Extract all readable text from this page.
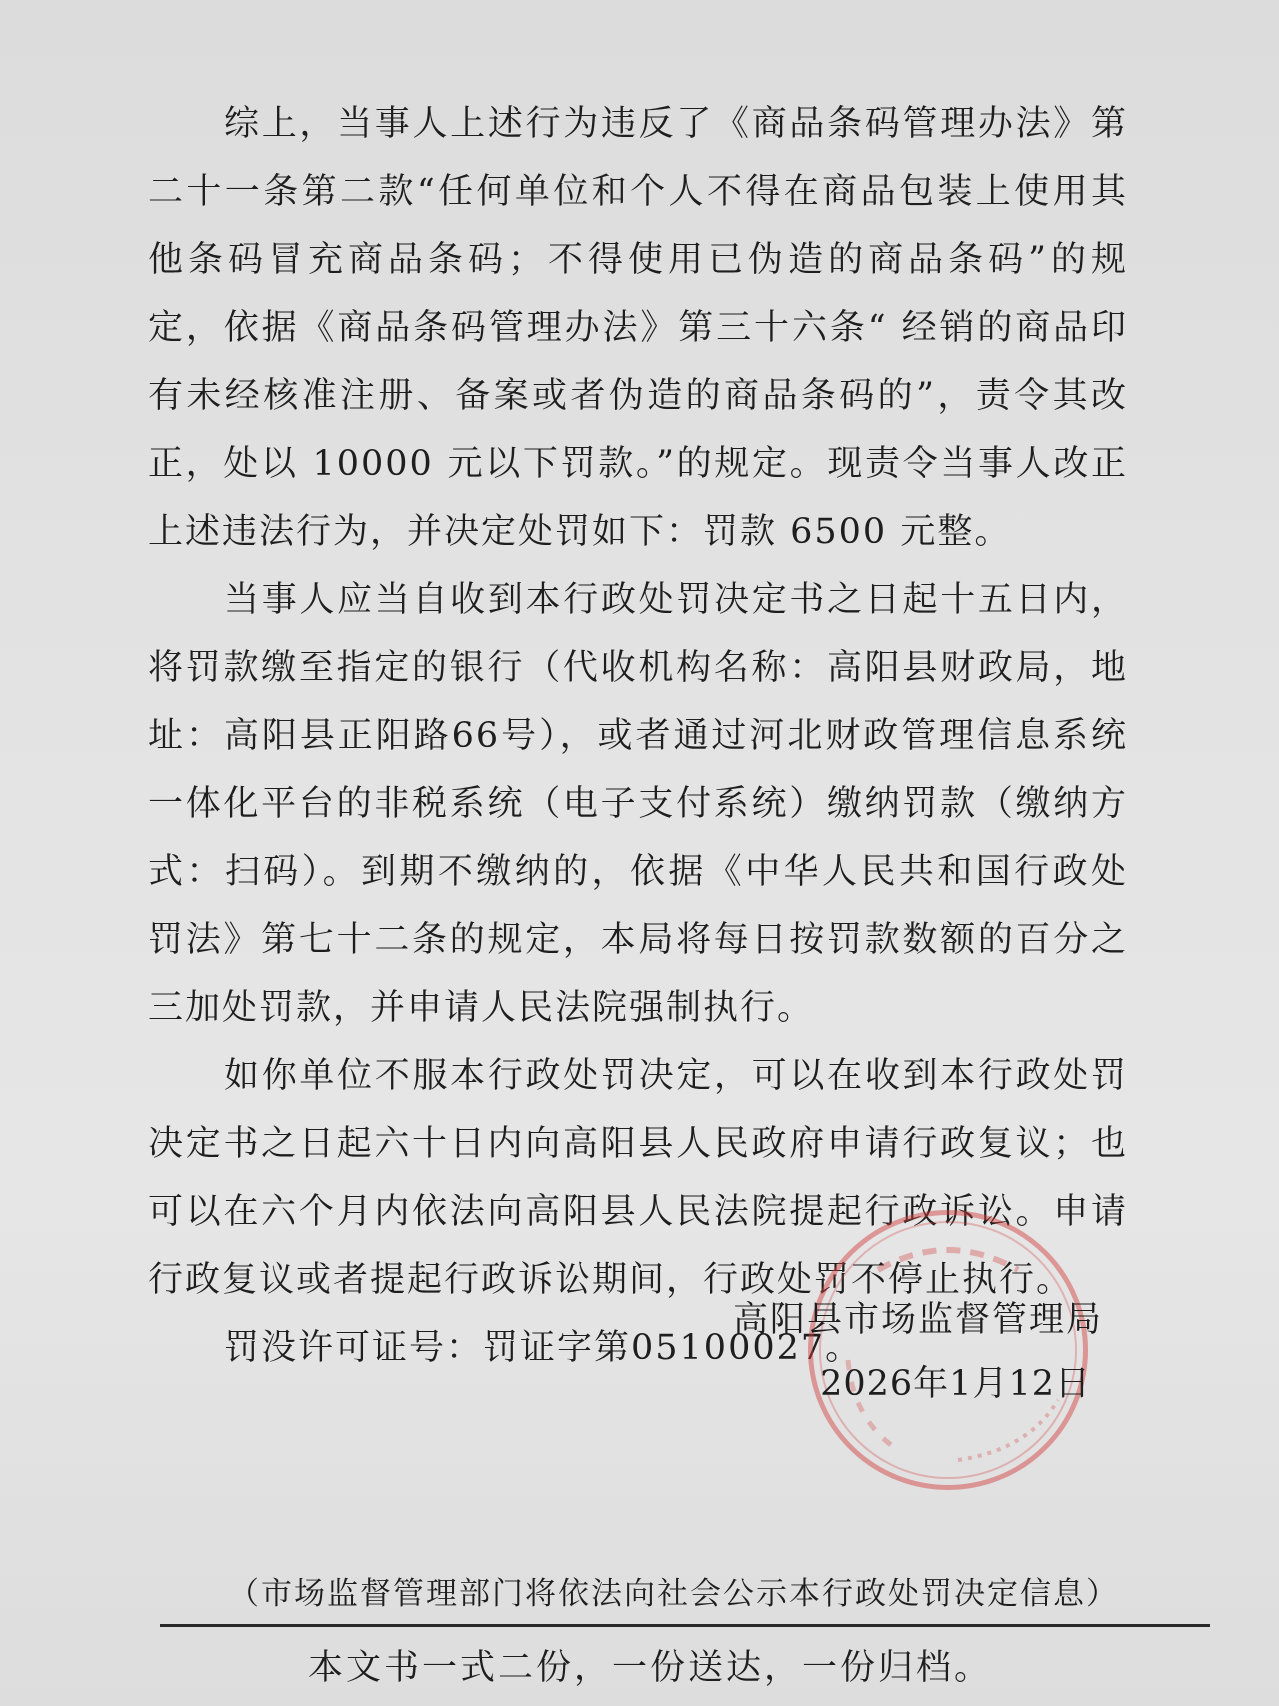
综上，当事人上述行为违反了《商品条码管理办法》第二十一条第二款“任何单位和个人不得在商品包装上使用其他条码冒充商品条码；不得使用已伪造的商品条码”的规定，依据《商品条码管理办法》第三十六条“ 经销的商品印有未经核准注册、备案或者伪造的商品条码的”，责令其改正，处以 10000 元以下罚款。”的规定。现责令当事人改正上述违法行为，并决定处罚如下：罚款 6500 元整。

当事人应当自收到本行政处罚决定书之日起十五日内，将罚款缴至指定的银行（代收机构名称：高阳县财政局，地址：高阳县正阳路66号），或者通过河北财政管理信息系统一体化平台的非税系统（电子支付系统）缴纳罚款（缴纳方式：扫码）。到期不缴纳的，依据《中华人民共和国行政处罚法》第七十二条的规定，本局将每日按罚款数额的百分之三加处罚款，并申请人民法院强制执行。

如你单位不服本行政处罚决定，可以在收到本行政处罚决定书之日起六十日内向高阳县人民政府申请行政复议；也可以在六个月内依法向高阳县人民法院提起行政诉讼。申请行政复议或者提起行政诉讼期间，行政处罚不停止执行。

罚没许可证号：罚证字第05100027。

高阳县市场监督管理局
2026年1月12日
（市场监督管理部门将依法向社会公示本行政处罚决定信息）
本文书一式二份，一份送达，一份归档。
